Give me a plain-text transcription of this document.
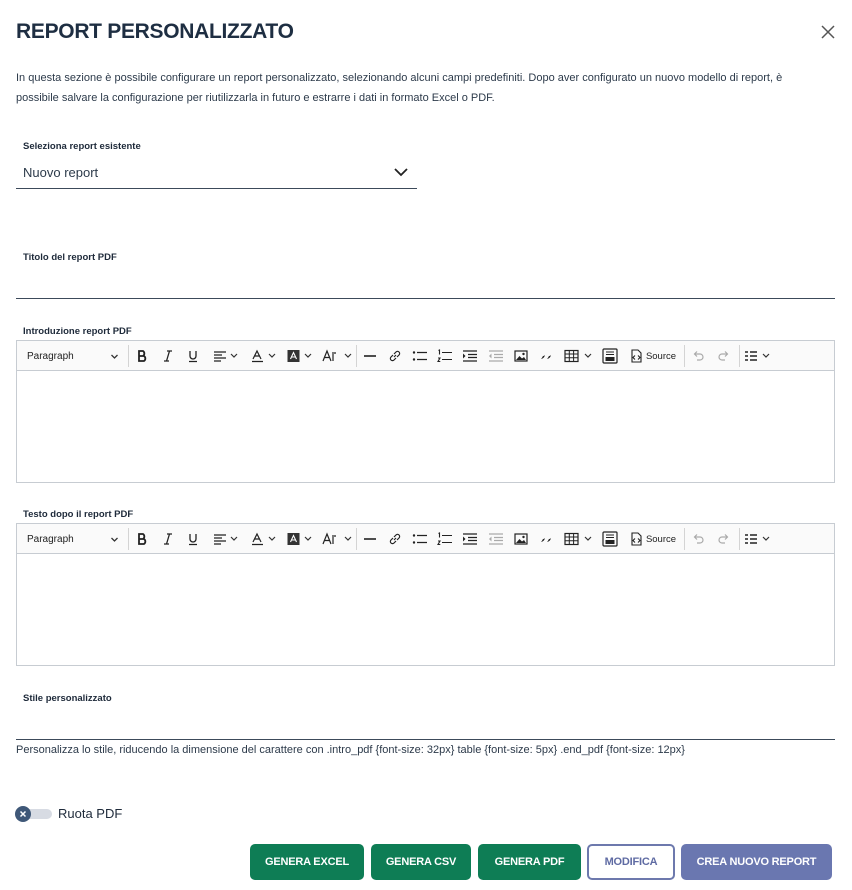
REPORT PERSONALIZZATO
In questa sezione è possibile configurare un report personalizzato, selezionando alcuni campi predefiniti. Dopo aver configurato un nuovo modello di report, è
possibile salvare la configurazione per riutilizzarla in futuro e estrarre i dati in formato Excel o PDF.
Seleziona report esistente
Nuovo report
Titolo del report PDF
Introduzione report PDF
Paragraph	Source
Testo dopo il report PDF
Paragraph	Source
Stile personalizzato
Personalizza lo stile, riducendo la dimensione del carattere con .intro_pdf {font-size: 32px} table {font-size: 5px} .end_pdf {font-size: 12px}
Ruota PDF
GENERA EXCEL	GENERA CSV	GENERA PDF	MODIFICA	CREA NUOVO REPORT
